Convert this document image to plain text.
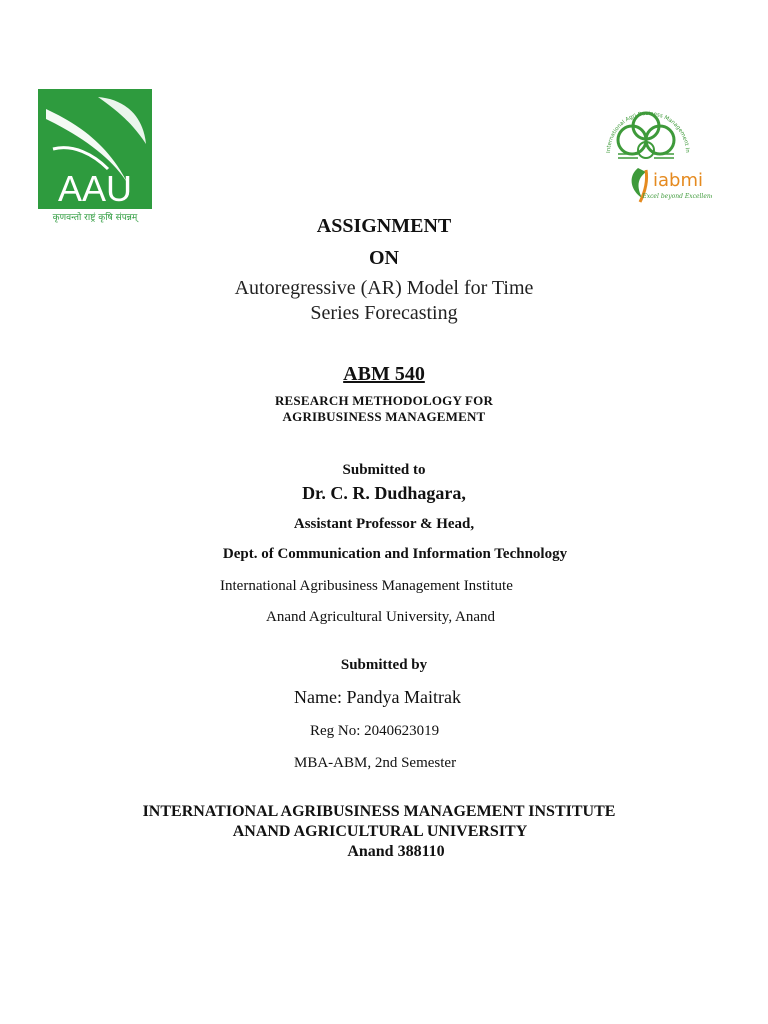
AAU
कृणवन्तो राष्ट्रं कृषि संपन्नम्
International Agri Business Management In
iabmi
Excel beyond Excellence
ASSIGNMENT
ON
Autoregressive (AR) Model for Time
Series Forecasting
ABM 540
RESEARCH METHODOLOGY FOR
AGRIBUSINESS MANAGEMENT
Submitted to
Dr. C. R. Dudhagara,
Assistant Professor & Head,
Dept. of Communication and Information Technology
International Agribusiness Management Institute
Anand Agricultural University, Anand
Submitted by
Name: Pandya Maitrak
Reg No: 2040623019
MBA-ABM, 2nd Semester
INTERNATIONAL AGRIBUSINESS MANAGEMENT INSTITUTE
ANAND AGRICULTURAL UNIVERSITY
Anand 388110
